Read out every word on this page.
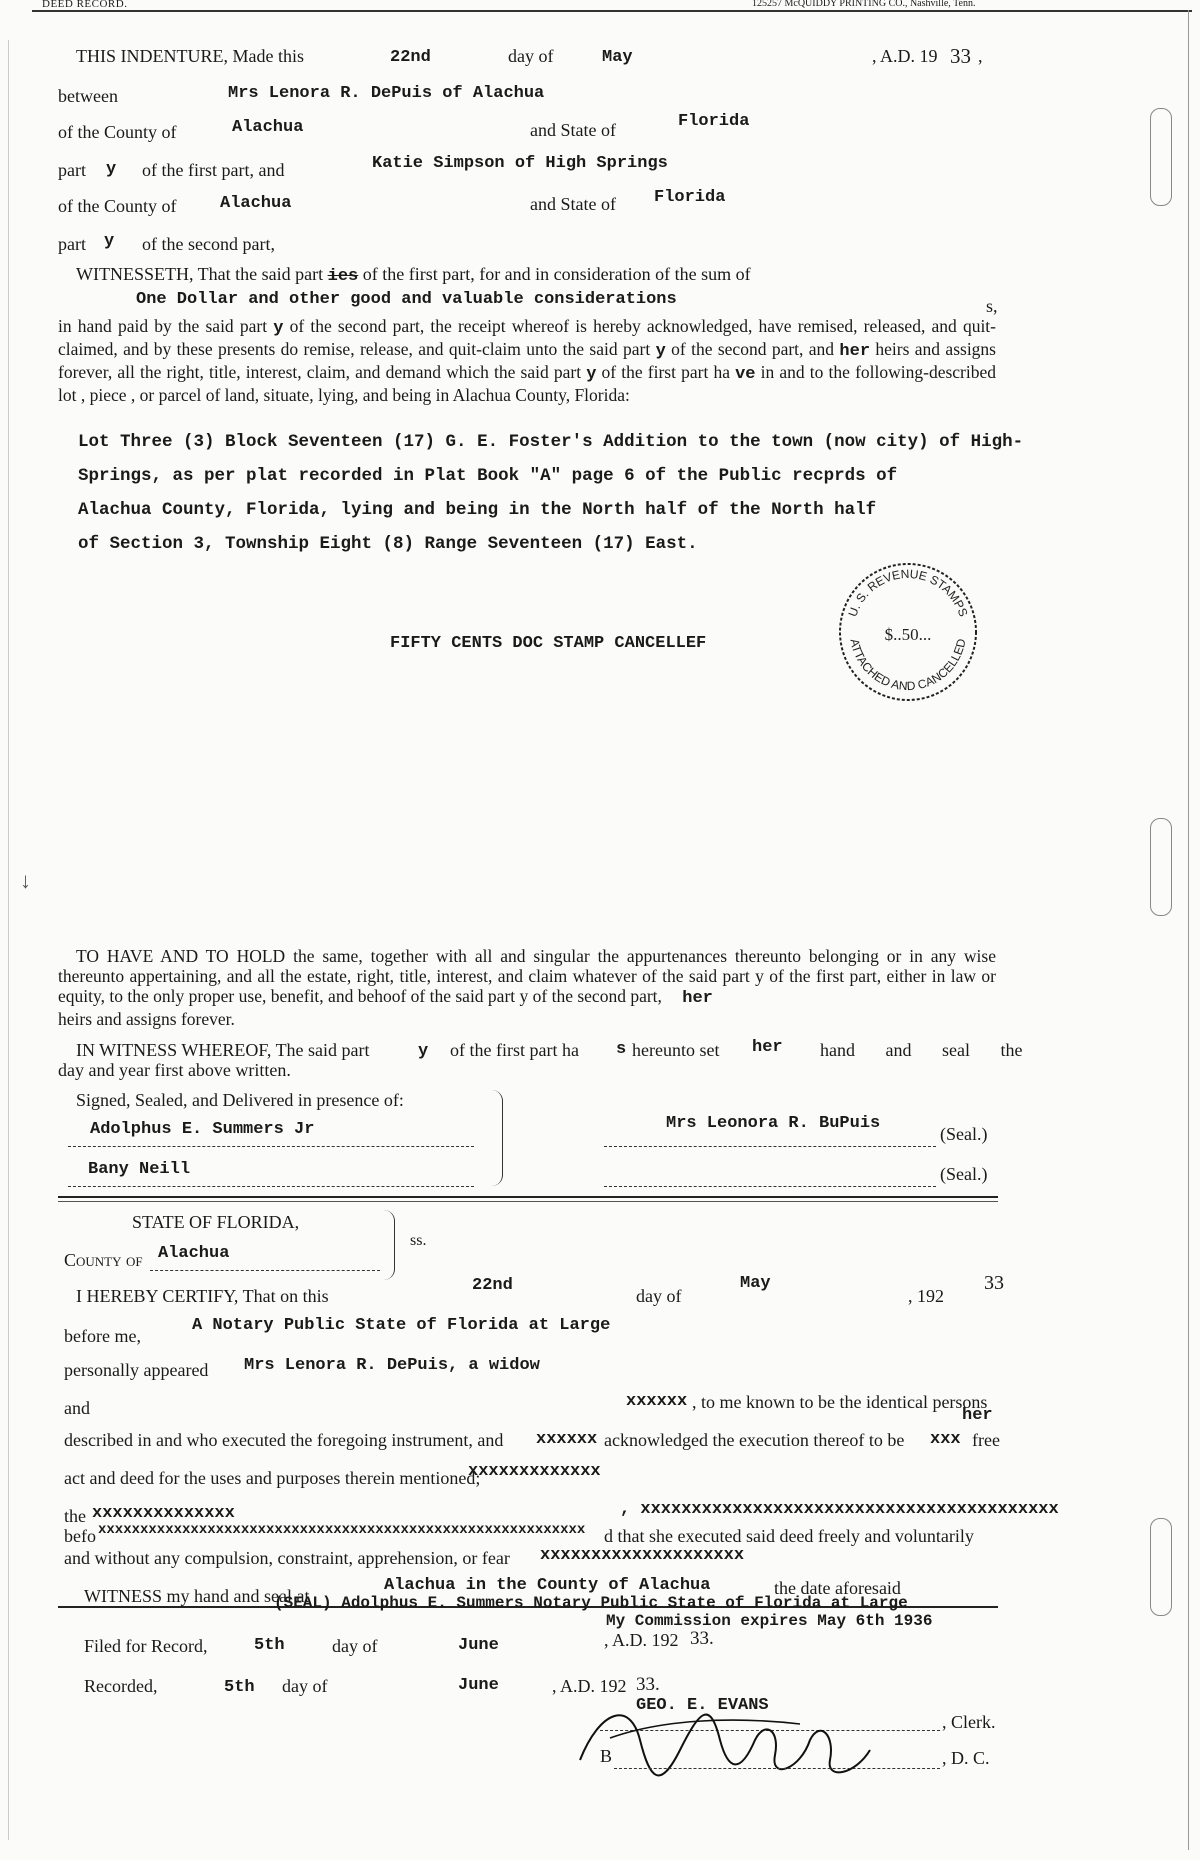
DEED RECORD.	125257 McQUIDDY PRINTING CO., Nashville, Tenn.
THIS INDENTURE, Made this	22nd	day of	May	, A.D. 19 33 ,
between	Mrs Lenora R. DePuis of Alachua
of the County of	Alachua	and State of	Florida
part y of the first part, and	Katie Simpson of High Springs
of the County of	Alachua	and State of Florida
part y of the second part,
WITNESSETH, That the said part ies of the first part, for and in consideration of the sum of
One Dollar and other good and valuable considerations	s,
in hand paid by the said part y of the second part, the receipt whereof is hereby acknowledged, have remised, released, and quit-claimed, and by these presents do remise, release, and quit-claim unto the said part y of the second part, and her heirs and assigns forever, all the right, title, interest, claim, and demand which the said part y of the first part ha ve in and to the following-described lot , piece , or parcel of land, situate, lying, and being in Alachua County, Florida:
Lot Three (3) Block Seventeen (17) G. E. Foster's Addition to the town (now city) of High-
Springs, as per plat recorded in Plat Book "A" page 6 of the Public recprds of
Alachua County, Florida, lying and being in the North half of the North half
of Section 3, Township Eight (8) Range Seventeen (17) East.
FIFTY CENTS DOC STAMP CANCELLEF
U. S. REVENUE STAMPS
ATTACHED AND CANCELLED
$..50...
↓
TO HAVE AND TO HOLD the same, together with all and singular the appurtenances thereunto belonging or in any wise thereunto appertaining, and all the estate, right, title, interest, and claim whatever of the said part y of the first part, either in law or equity, to the only proper use, benefit, and behoof of the said part y of the second part, her
heirs and assigns forever.
IN WITNESS WHEREOF, The said part	y of the first part ha s hereunto set her hand and seal the
day and year first above written.
Signed, Sealed, and Delivered in presence of:
Adolphus E. Summers Jr
Bany Neill
Mrs Leonora R. BuPuis
(Seal.)
(Seal.)
STATE OF FLORIDA,
ss.
County of Alachua
I HEREBY CERTIFY, That on this
22nd
day of
May
, 192
33
before me,
A Notary Public State of Florida at Large
personally appeared Mrs Lenora R. DePuis, a widow
and	xxxxxx , to me known to be the identical persons
her
described in and who executed the foregoing instrument, and xxxxxx acknowledged the execution thereof to be xxx free
act and deed for the uses and purposes therein mentioned;
xxxxxxxxxxxxx
the xxxxxxxxxxxxxx	, xxxxxxxxxxxxxxxxxxxxxxxxxxxxxxxxxxxxxxxxx
befo xxxxxxxxxxxxxxxxxxxxxxxxxxxxxxxxxxxxxxxxxxxxxxxxxxxxxxxxxx d that she executed said deed freely and voluntarily
and without any compulsion, constraint, apprehension, or fear xxxxxxxxxxxxxxxxxxxx
WITNESS my hand and seal at
Alachua in the County of Alachua	the date aforesaid
(SEAL) Adolphus E. Summers Notary Public State of Florida at Large
My Commission expires May 6th 1936
Filed for Record,	5th	day of	June	, A.D. 192 33.
Recorded,	5th day of	June	, A.D. 192 33.
GEO. E. EVANS
, Clerk.
B	, D. C.
